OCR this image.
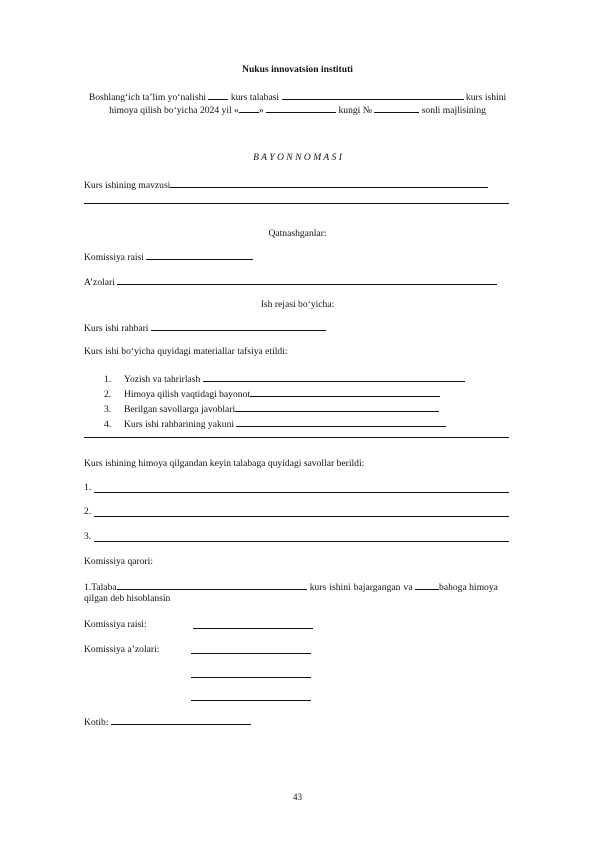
Nukus innovatsion instituti
Boshlang‘ich ta’lim yo‘nalishi	kurs talabasi	kurs ishini
himoya qilish bo‘yicha 2024 yil « »	kungi №	sonli majlisining
B A Y O N N O M A S I
Kurs ishining mavzusi
Qatnashganlar:
Komissiya raisi
A’zolari
Ish rejasi bo‘yicha:
Kurs ishi rahbari
Kurs ishi bo‘yicha quyidagi materiallar tafsiya etildi:
1. Yozish va tahrirlash
2. Himoya qilish vaqtidagi bayonot
3. Berilgan savollarga javoblari
4. Kurs ishi rahbarining yakuni
Kurs ishining himoya qilgandan keyin talabaga quyidagi savollar berildi:
1.
2.
3.
Komissiya qarori:
1.Talaba	kurs ishini bajargangan va	bahoga himoya
qilgan deb hisoblansin
Komissiya raisi:
Komissiya a’zolari:
Kotib:
43
